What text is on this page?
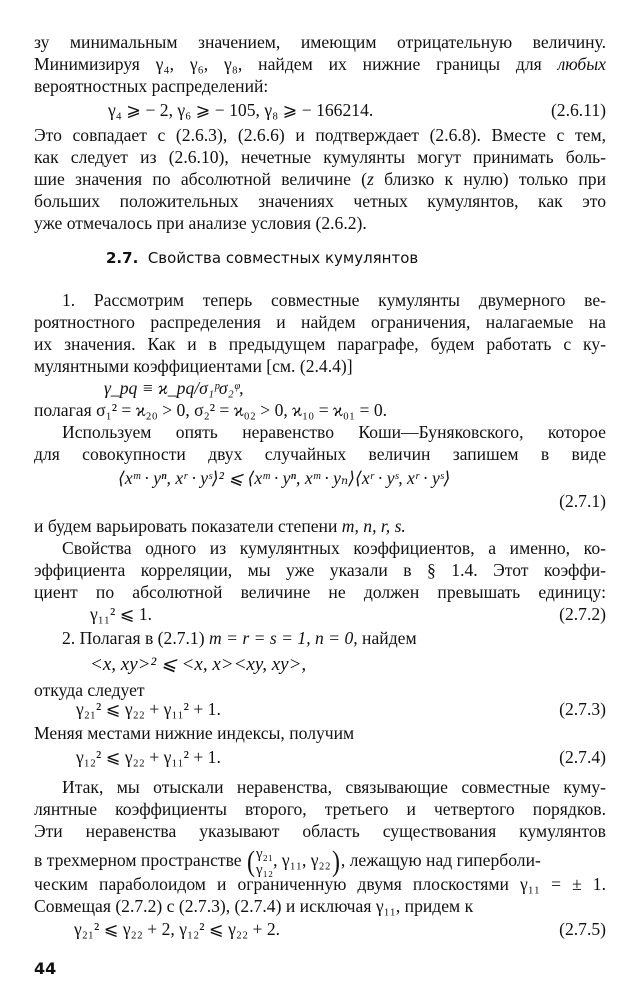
зу минимальным значением, имеющим отрицательную величину.

Минимизируя γ₄, γ₆, γ₈, найдем их нижние границы для любых

вероятностных распределений:

γ₄ ⩾ − 2, γ₆ ⩾ − 105, γ₈ ⩾ − 166214.	(2.6.11)

Это совпадает с (2.6.3), (2.6.6) и подтверждает (2.6.8). Вместе с тем,

как следует из (2.6.10), нечетные кумулянты могут принимать боль-

шие значения по абсолютной величине (z близко к нулю) только при

больших положительных значениях четных кумулянтов, как это

уже отмечалось при анализе условия (2.6.2).

2.7. Свойства совместных кумулянтов

1. Рассмотрим теперь совместные кумулянты двумерного ве-

роятностного распределения и найдем ограничения, налагаемые на

их значения. Как и в предыдущем параграфе, будем работать с ку-

мулянтными коэффициентами [см. (2.4.4)]

γ_pq ≡ ϰ_pq/σ₁ᵖσ₂ᵠ,

полагая σ₁² = ϰ₂₀ > 0, σ₂² = ϰ₀₂ > 0, ϰ₁₀ = ϰ₀₁ = 0.

Используем опять неравенство Коши—Буняковского, которое

для совокупности двух случайных величин запишем в виде

⟨xᵐ · yⁿ, xʳ · yˢ⟩² ⩽ ⟨xᵐ · yⁿ, xᵐ · yₙ⟩⟨xʳ · yˢ, xʳ · yˢ⟩
(2.7.1)

и будем варьировать показатели степени m, n, r, s.

Свойства одного из кумулянтных коэффициентов, а именно, ко-

эффициента корреляции, мы уже указали в § 1.4. Этот коэффи-

циент по абсолютной величине не должен превышать единицу:

γ₁₁² ⩽ 1.	(2.7.2)

2. Полагая в (2.7.1) m = r = s = 1, n = 0, найдем

<x, xy>² ⩽ <x, x><xy, xy>,

откуда следует

γ₂₁² ⩽ γ₂₂ + γ₁₁² + 1.	(2.7.3)

Меняя местами нижние индексы, получим

γ₁₂² ⩽ γ₂₂ + γ₁₁² + 1.	(2.7.4)

Итак, мы отыскали неравенства, связывающие совместные куму-

лянтные коэффициенты второго, третьего и четвертого порядков.

Эти неравенства указывают область существования кумулянтов

в трехмерном пространстве (γ₂₁
γ₁₂, γ₁₁, γ₂₂), лежащую над гиперболи-

ческим параболоидом и ограниченную двумя плоскостями γ₁₁ = ± 1.

Совмещая (2.7.2) с (2.7.3), (2.7.4) и исключая γ₁₁, придем к

γ₂₁² ⩽ γ₂₂ + 2, γ₁₂² ⩽ γ₂₂ + 2.	(2.7.5)

44
